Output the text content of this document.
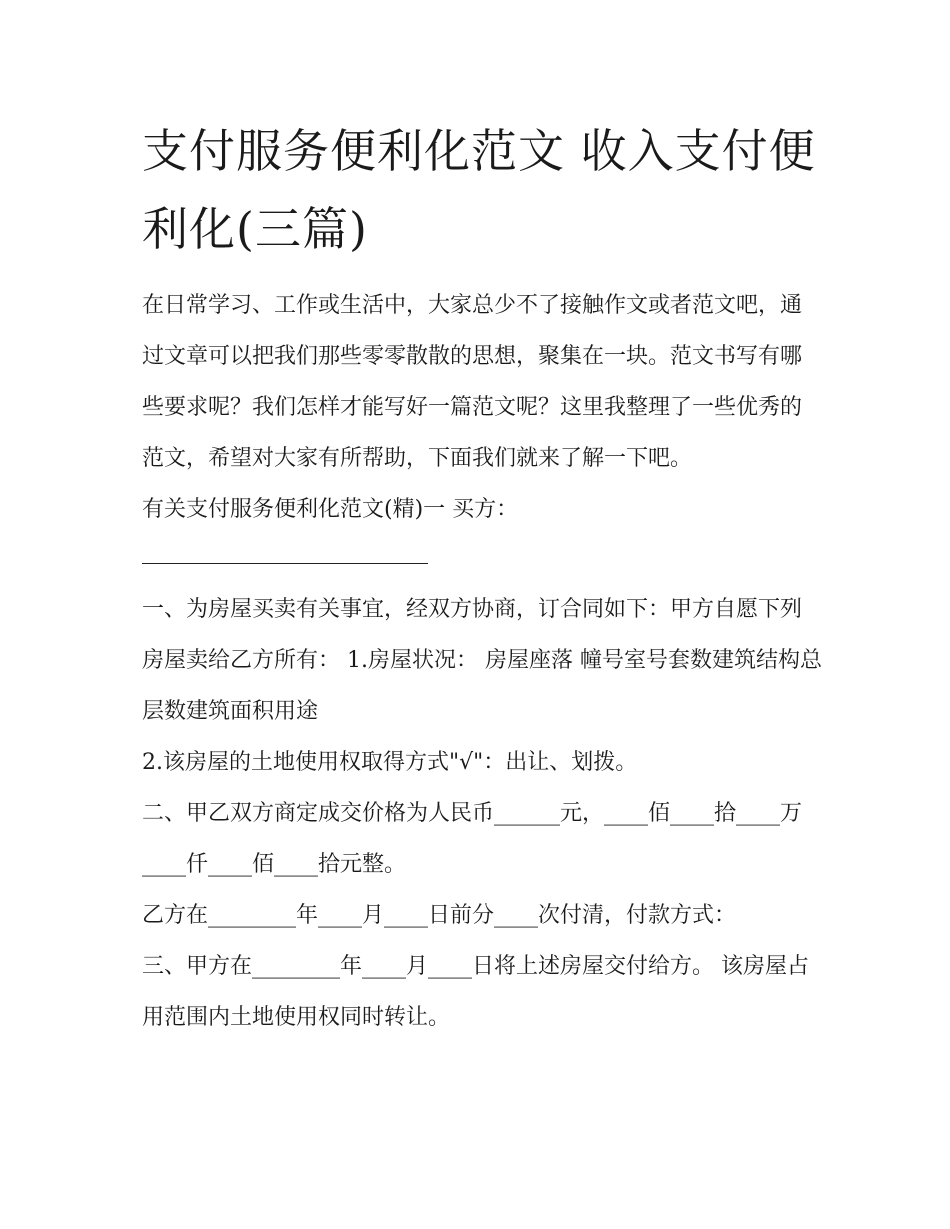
支付服务便利化范文 收入支付便利化(三篇)

在日常学习、工作或生活中，大家总少不了接触作文或者范文吧，通过文章可以把我们那些零零散散的思想，聚集在一块。范文书写有哪些要求呢？我们怎样才能写好一篇范文呢？这里我整理了一些优秀的范文，希望对大家有所帮助，下面我们就来了解一下吧。

有关支付服务便利化范文(精)一 买方：

一、为房屋买卖有关事宜，经双方协商，订合同如下：甲方自愿下列房屋卖给乙方所有： 1.房屋状况： 房屋座落 幢号室号套数建筑结构总层数建筑面积用途

2.该房屋的土地使用权取得方式"√"：出让、划拨。

二、甲乙双方商定成交价格为人民币______元，____佰____拾____万____仟____佰____拾元整。

乙方在________年____月____日前分____次付清，付款方式：

三、甲方在________年____月____日将上述房屋交付给方。 该房屋占用范围内土地使用权同时转让。
